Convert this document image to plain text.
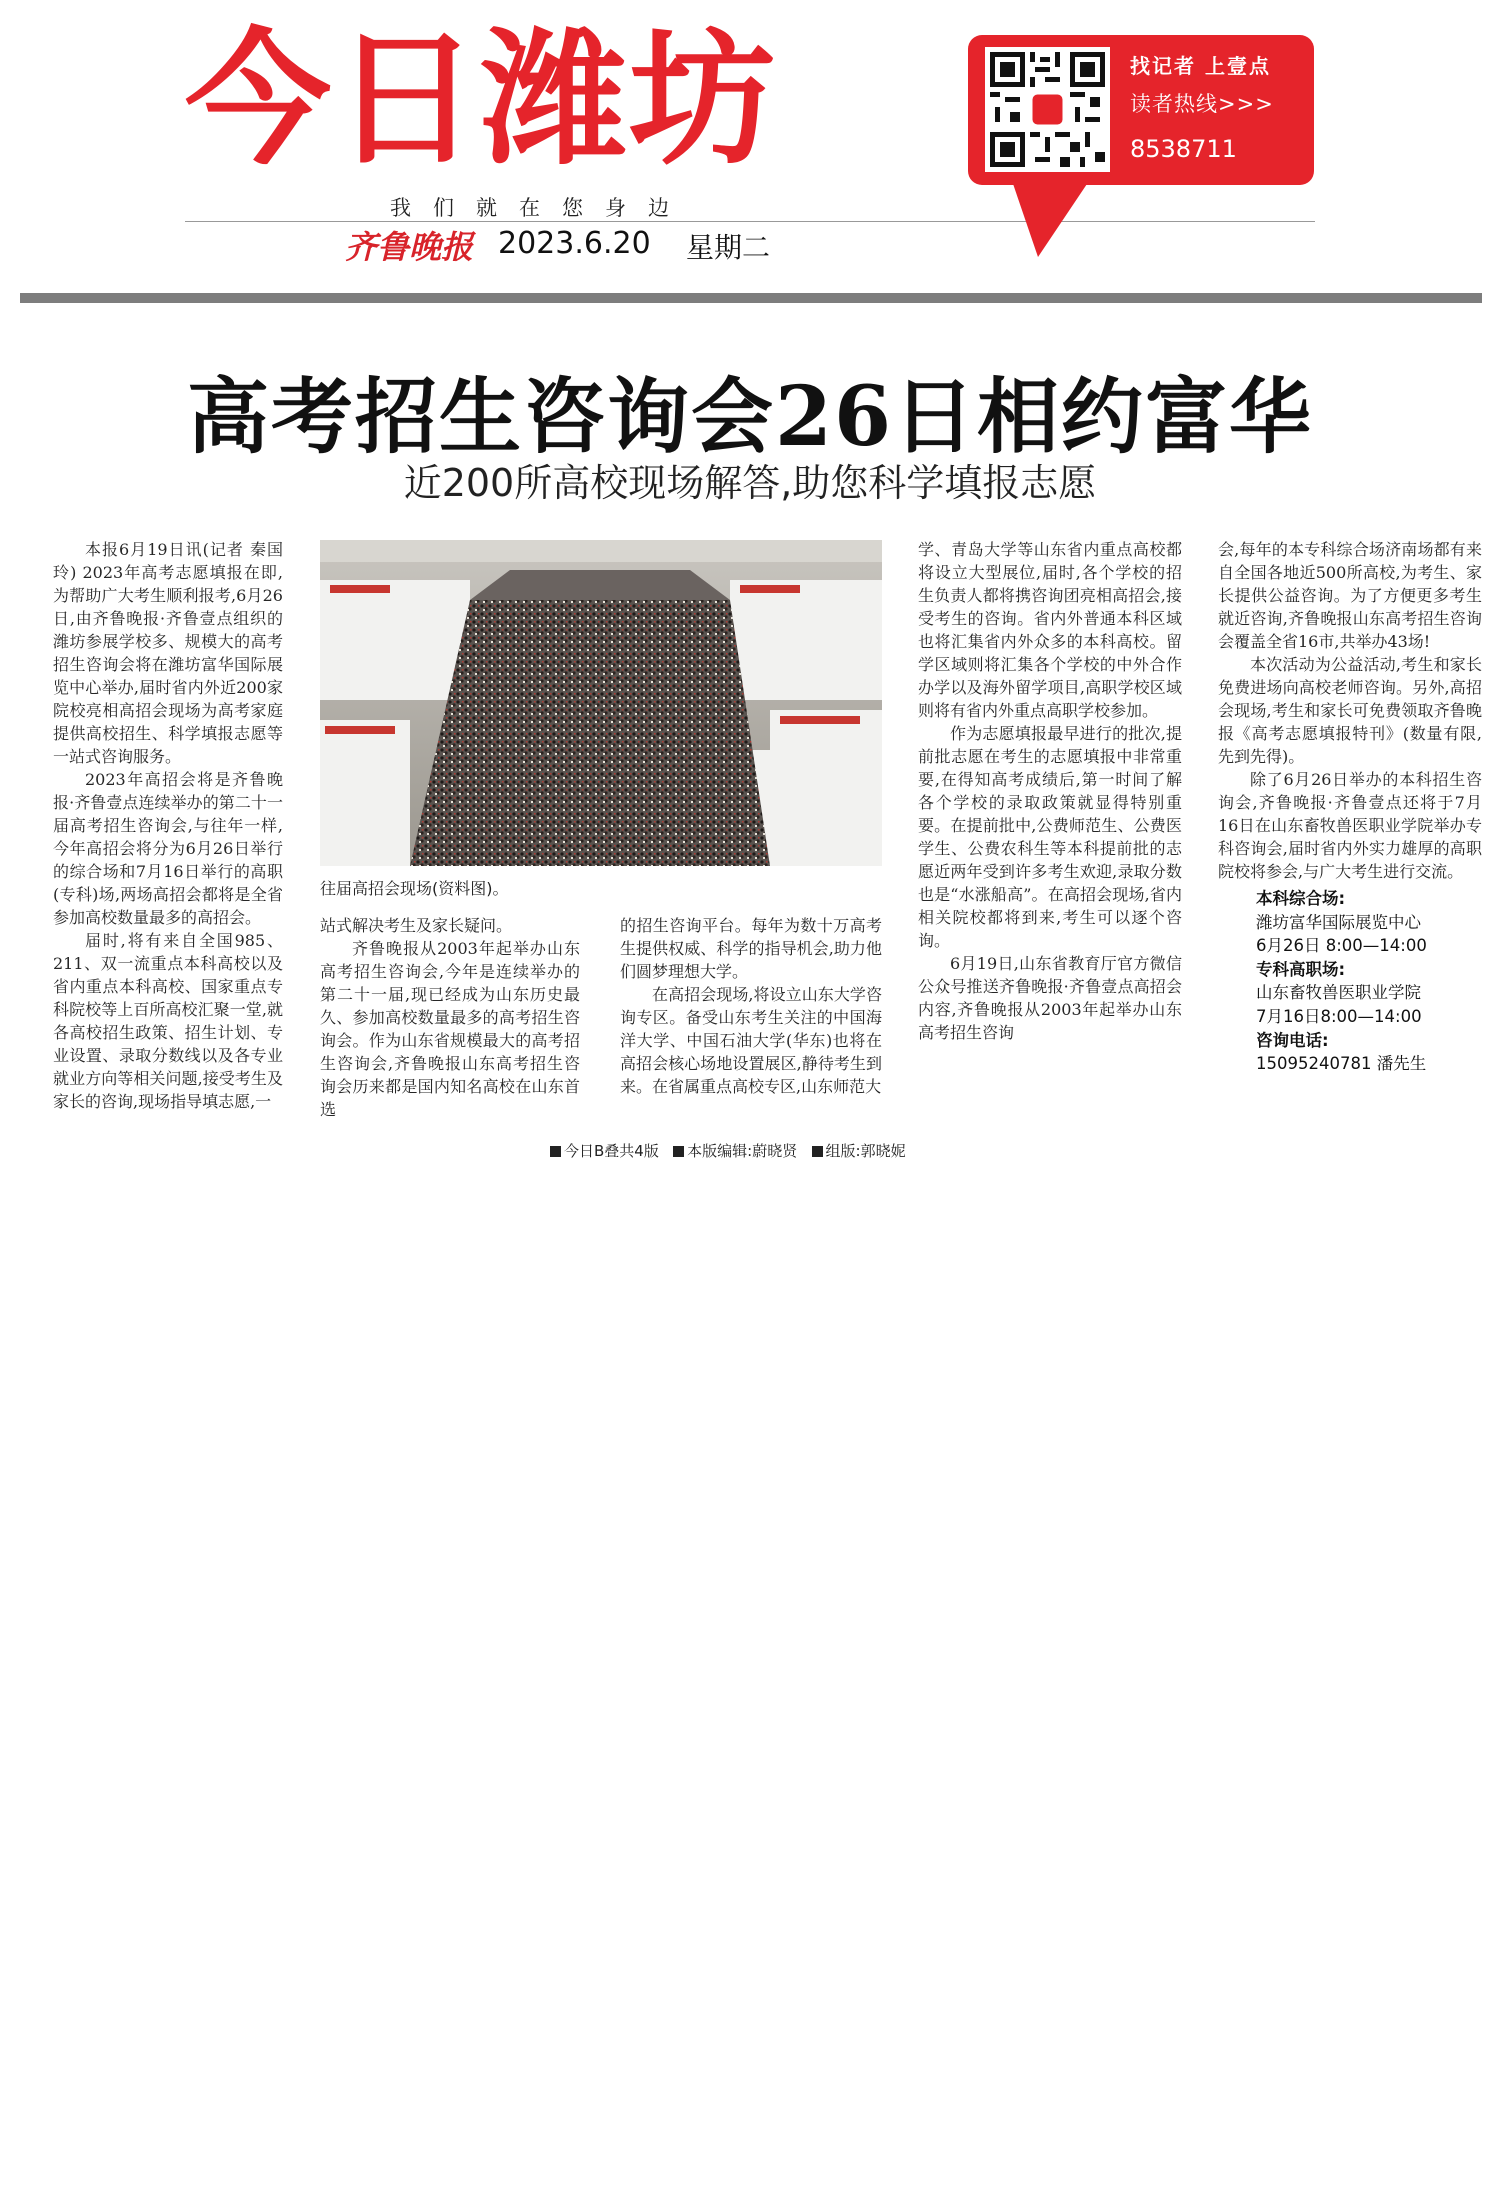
今日潍坊
我们就在您身边
齐鲁晚报 2023.6.20 星期二
找记者 上壹点
读者热线>>>
8538711
高考招生咨询会26日相约富华
近200所高校现场解答,助您科学填报志愿
往届高招会现场(资料图)。

本报6月19日讯(记者 秦国玲) 2023年高考志愿填报在即,为帮助广大考生顺利报考,6月26日,由齐鲁晚报·齐鲁壹点组织的潍坊参展学校多、规模大的高考招生咨询会将在潍坊富华国际展览中心举办,届时省内外近200家院校亮相高招会现场为高考家庭提供高校招生、科学填报志愿等一站式咨询服务。

2023年高招会将是齐鲁晚报·齐鲁壹点连续举办的第二十一届高考招生咨询会,与往年一样,今年高招会将分为6月26日举行的综合场和7月16日举行的高职(专科)场,两场高招会都将是全省参加高校数量最多的高招会。

届时,将有来自全国985、211、双一流重点本科高校以及省内重点本科高校、国家重点专科院校等上百所高校汇聚一堂,就各高校招生政策、招生计划、专业设置、录取分数线以及各专业就业方向等相关问题,接受考生及家长的咨询,现场指导填志愿,一

站式解决考生及家长疑问。

齐鲁晚报从2003年起举办山东高考招生咨询会,今年是连续举办的第二十一届,现已经成为山东历史最久、参加高校数量最多的高考招生咨询会。作为山东省规模最大的高考招生咨询会,齐鲁晚报山东高考招生咨询会历来都是国内知名高校在山东首选

的招生咨询平台。每年为数十万高考生提供权威、科学的指导机会,助力他们圆梦理想大学。

在高招会现场,将设立山东大学咨询专区。备受山东考生关注的中国海洋大学、中国石油大学(华东)也将在高招会核心场地设置展区,静待考生到来。在省属重点高校专区,山东师范大

学、青岛大学等山东省内重点高校都将设立大型展位,届时,各个学校的招生负责人都将携咨询团亮相高招会,接受考生的咨询。省内外普通本科区域也将汇集省内外众多的本科高校。留学区域则将汇集各个学校的中外合作办学以及海外留学项目,高职学校区域则将有省内外重点高职学校参加。

作为志愿填报最早进行的批次,提前批志愿在考生的志愿填报中非常重要,在得知高考成绩后,第一时间了解各个学校的录取政策就显得特别重要。在提前批中,公费师范生、公费医学生、公费农科生等本科提前批的志愿近两年受到许多考生欢迎,录取分数也是“水涨船高”。在高招会现场,省内相关院校都将到来,考生可以逐个咨询。

6月19日,山东省教育厅官方微信公众号推送齐鲁晚报·齐鲁壹点高招会内容,齐鲁晚报从2003年起举办山东高考招生咨询

会,每年的本专科综合场济南场都有来自全国各地近500所高校,为考生、家长提供公益咨询。为了方便更多考生就近咨询,齐鲁晚报山东高考招生咨询会覆盖全省16市,共举办43场!

本次活动为公益活动,考生和家长免费进场向高校老师咨询。另外,高招会现场,考生和家长可免费领取齐鲁晚报《高考志愿填报特刊》(数量有限,先到先得)。

除了6月26日举办的本科招生咨询会,齐鲁晚报·齐鲁壹点还将于7月16日在山东畜牧兽医职业学院举办专科咨询会,届时省内外实力雄厚的高职院校将参会,与广大考生进行交流。

本科综合场:
潍坊富华国际展览中心
6月26日 8:00—14:00
专科高职场:
山东畜牧兽医职业学院
7月16日8:00—14:00
咨询电话:
15095240781 潘先生
今日B叠共4版 本版编辑:蔚晓贤 组版:郭晓妮
